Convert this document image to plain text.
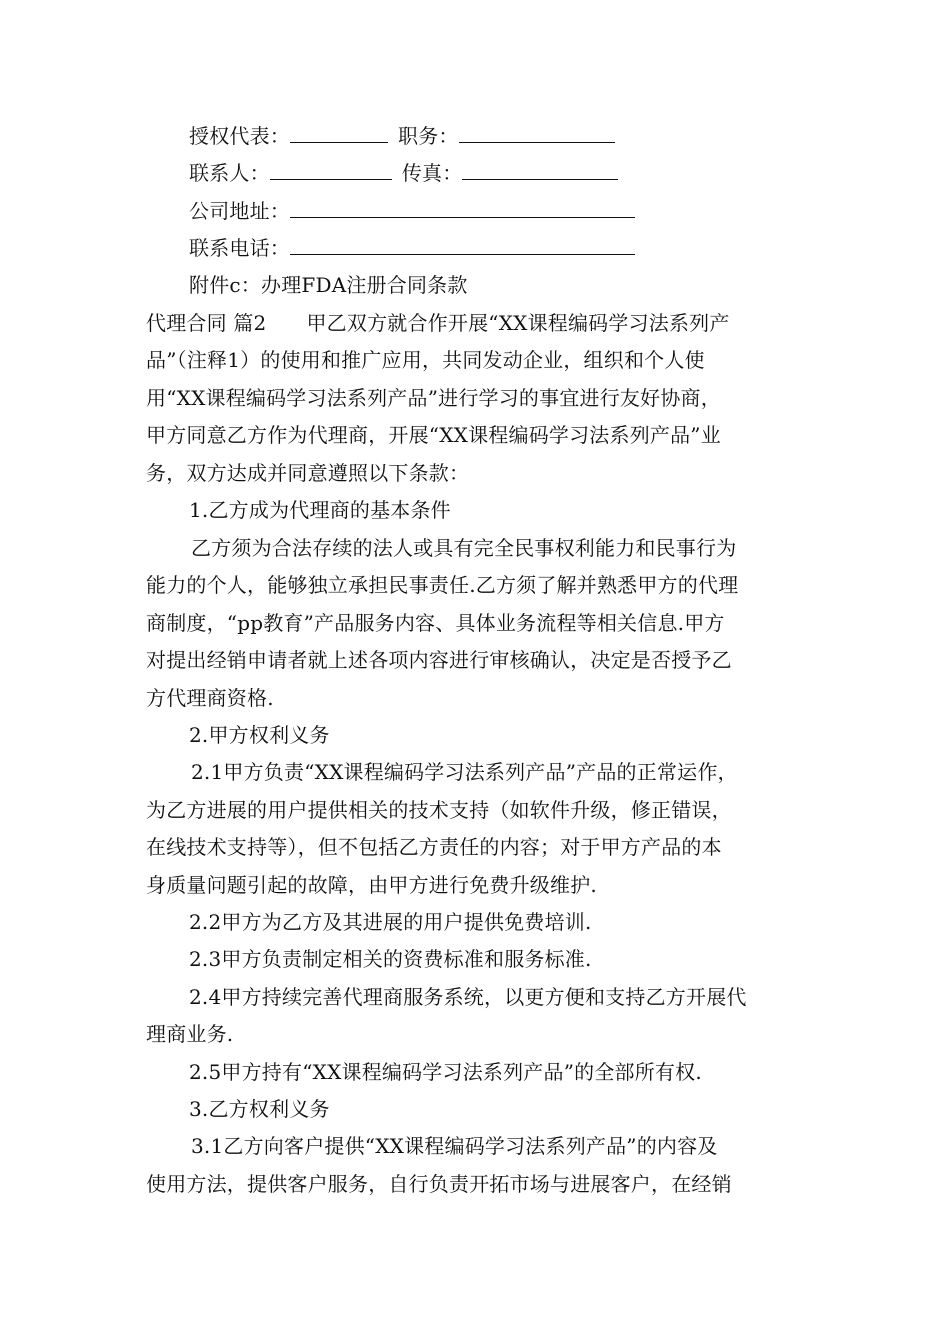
授权代表：	职务：
联系人：	传真：
公司地址：
联系电话：
附件c：办理FDA注册合同条款
代理合同 篇2 甲乙双方就合作开展“XX课程编码学习法系列产
品”（注释1）的使用和推广应用，共同发动企业，组织和个人使
用“XX课程编码学习法系列产品”进行学习的事宜进行友好协商，
甲方同意乙方作为代理商，开展“XX课程编码学习法系列产品”业
务，双方达成并同意遵照以下条款：
1.乙方成为代理商的基本条件
乙方须为合法存续的法人或具有完全民事权利能力和民事行为
能力的个人，能够独立承担民事责任.乙方须了解并熟悉甲方的代理
商制度，“pp教育”产品服务内容、具体业务流程等相关信息.甲方
对提出经销申请者就上述各项内容进行审核确认，决定是否授予乙
方代理商资格.
2.甲方权利义务
2.1甲方负责“XX课程编码学习法系列产品”产品的正常运作，
为乙方进展的用户提供相关的技术支持（如软件升级，修正错误，
在线技术支持等），但不包括乙方责任的内容；对于甲方产品的本
身质量问题引起的故障，由甲方进行免费升级维护.
2.2甲方为乙方及其进展的用户提供免费培训.
2.3甲方负责制定相关的资费标准和服务标准.
2.4甲方持续完善代理商服务系统，以更方便和支持乙方开展代
理商业务.
2.5甲方持有“XX课程编码学习法系列产品”的全部所有权.
3.乙方权利义务
3.1乙方向客户提供“XX课程编码学习法系列产品”的内容及
使用方法，提供客户服务，自行负责开拓市场与进展客户，在经销
